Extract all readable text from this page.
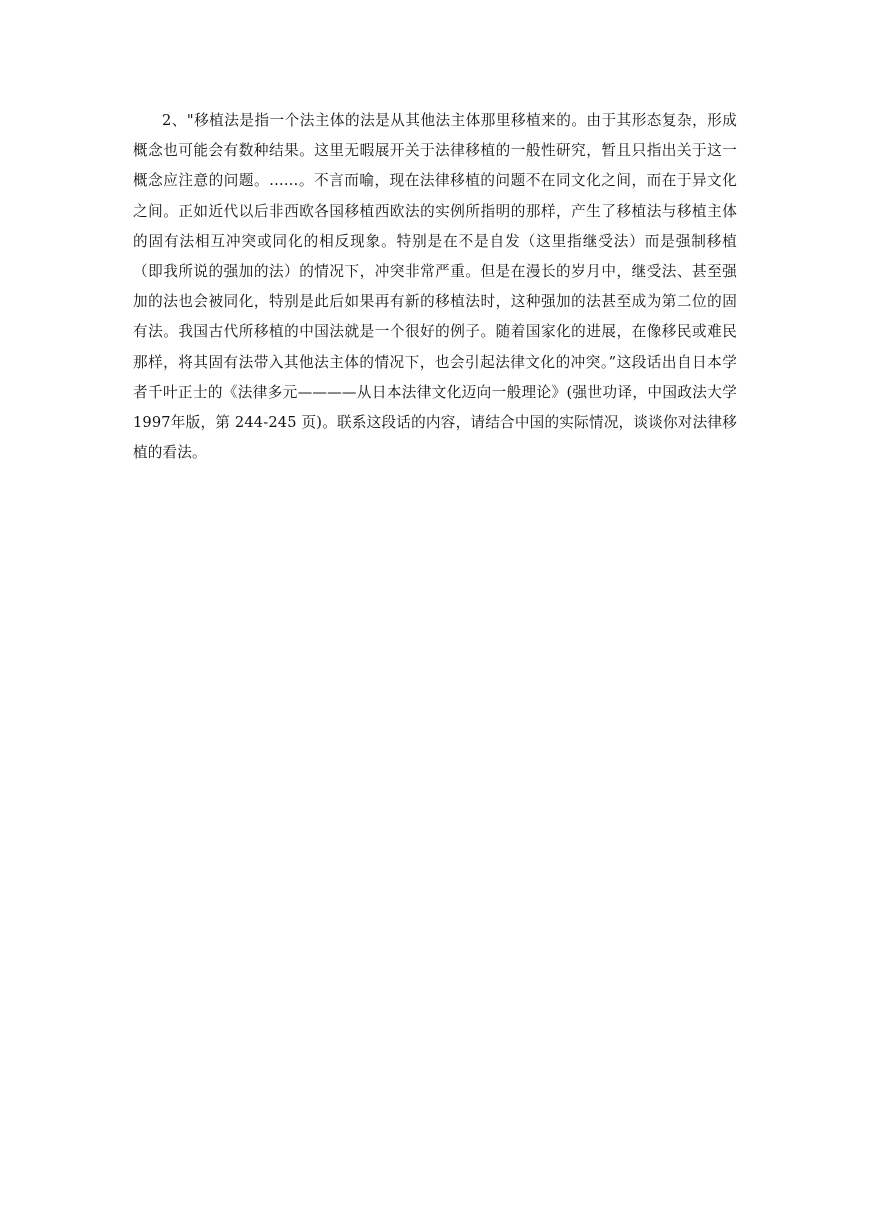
2、"移植法是指一个法主体的法是从其他法主体那里移植来的。由于其形态复杂，形成概念也可能会有数种结果。这里无暇展开关于法律移植的一般性研究，暂且只指出关于这一概念应注意的问题。……。不言而喻，现在法律移植的问题不在同文化之间，而在于异文化之间。正如近代以后非西欧各国移植西欧法的实例所指明的那样，产生了移植法与移植主体的固有法相互冲突或同化的相反现象。特别是在不是自发（这里指继受法）而是强制移植（即我所说的强加的法）的情况下，冲突非常严重。但是在漫长的岁月中，继受法、甚至强加的法也会被同化，特别是此后如果再有新的移植法时，这种强加的法甚至成为第二位的固有法。我国古代所移植的中国法就是一个很好的例子。随着国家化的进展，在像移民或难民那样，将其固有法带入其他法主体的情况下，也会引起法律文化的冲突。”这段话出自日本学者千叶正士的《法律多元————从日本法律文化迈向一般理论》(强世功译，中国政法大学 1997年版，第 244-245 页)。联系这段话的内容，请结合中国的实际情况，谈谈你对法律移植的看法。
